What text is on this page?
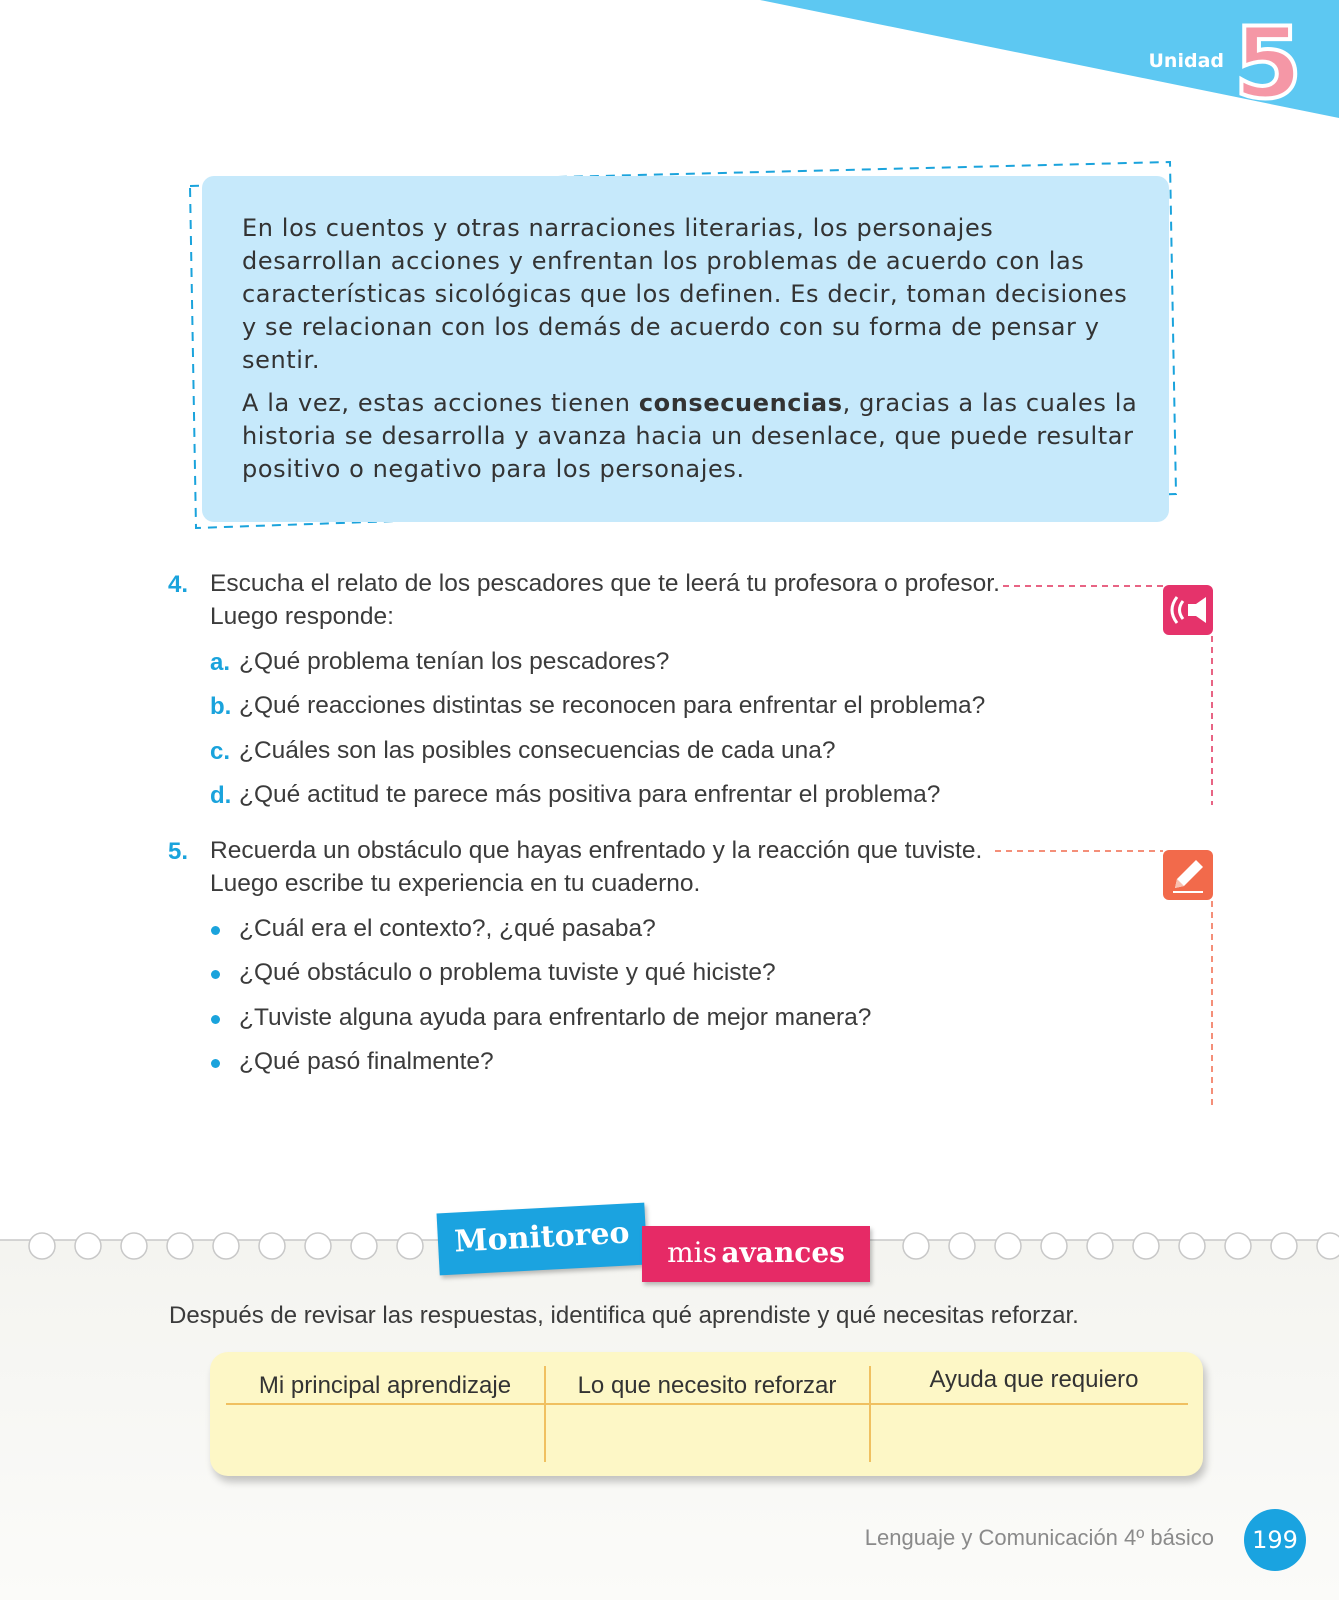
Unidad 5

En los cuentos y otras narraciones literarias, los personajes desarrollan acciones y enfrentan los problemas de acuerdo con las características sicológicas que los definen. Es decir, toman decisiones y se relacionan con los demás de acuerdo con su forma de pensar y sentir.

A la vez, estas acciones tienen consecuencias, gracias a las cuales la historia se desarrolla y avanza hacia un desenlace, que puede resultar positivo o negativo para los personajes.

4. Escucha el relato de los pescadores que te leerá tu profesora o profesor.
Luego responde:
a. ¿Qué problema tenían los pescadores?
b. ¿Qué reacciones distintas se reconocen para enfrentar el problema?
c. ¿Cuáles son las posibles consecuencias de cada una?
d. ¿Qué actitud te parece más positiva para enfrentar el problema?
5. Recuerda un obstáculo que hayas enfrentado y la reacción que tuviste.
Luego escribe tu experiencia en tu cuaderno.
¿Cuál era el contexto?, ¿qué pasaba?
¿Qué obstáculo o problema tuviste y qué hiciste?
¿Tuviste alguna ayuda para enfrentarlo de mejor manera?
¿Qué pasó finalmente?
Monitoreo	mis avances
Después de revisar las respuestas, identifica qué aprendiste y qué necesitas reforzar.
Mi principal aprendizaje	Lo que necesito reforzar	Ayuda que requiero
Lenguaje y Comunicación 4º básico	199
